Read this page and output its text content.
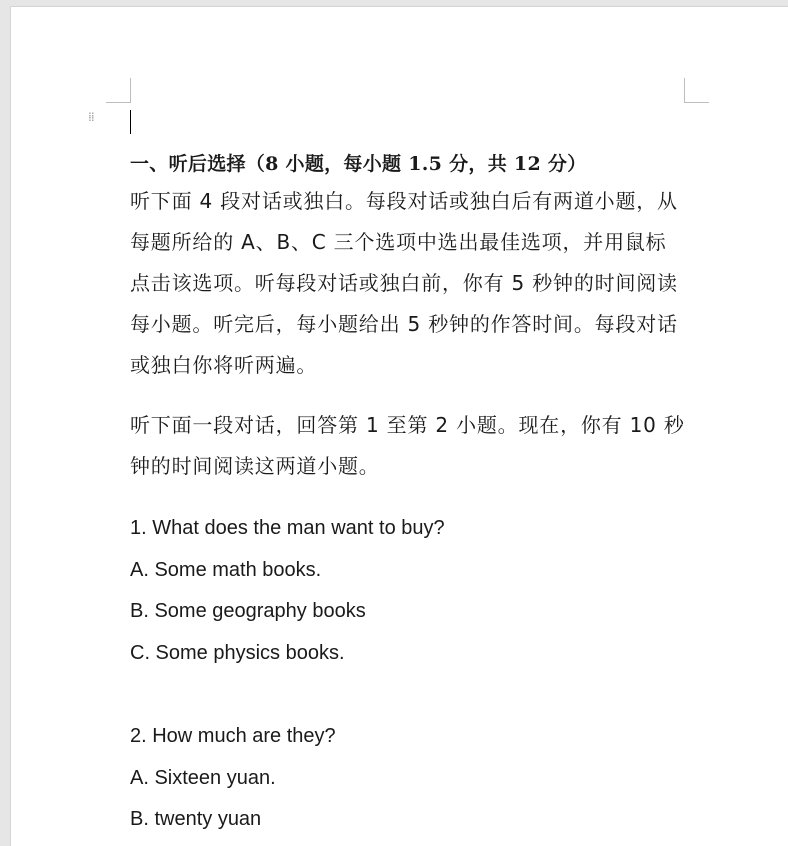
⁞⁞
一、听后选择（8 小题，每小题 1.5 分，共 12 分）

听下面 4 段对话或独白。每段对话或独白后有两道小题，从每题所给的 A、B、C 三个选项中选出最佳选项，并用鼠标点击该选项。听每段对话或独白前，你有 5 秒钟的时间阅读每小题。听完后，每小题给出 5 秒钟的作答时间。每段对话或独白你将听两遍。

听下面一段对话，回答第 1 至第 2 小题。现在，你有 10 秒钟的时间阅读这两道小题。

1. What does the man want to buy?
A. Some math books.
B. Some geography books
C. Some physics books.
2. How much are they?
A. Sixteen yuan.
B. twenty yuan
